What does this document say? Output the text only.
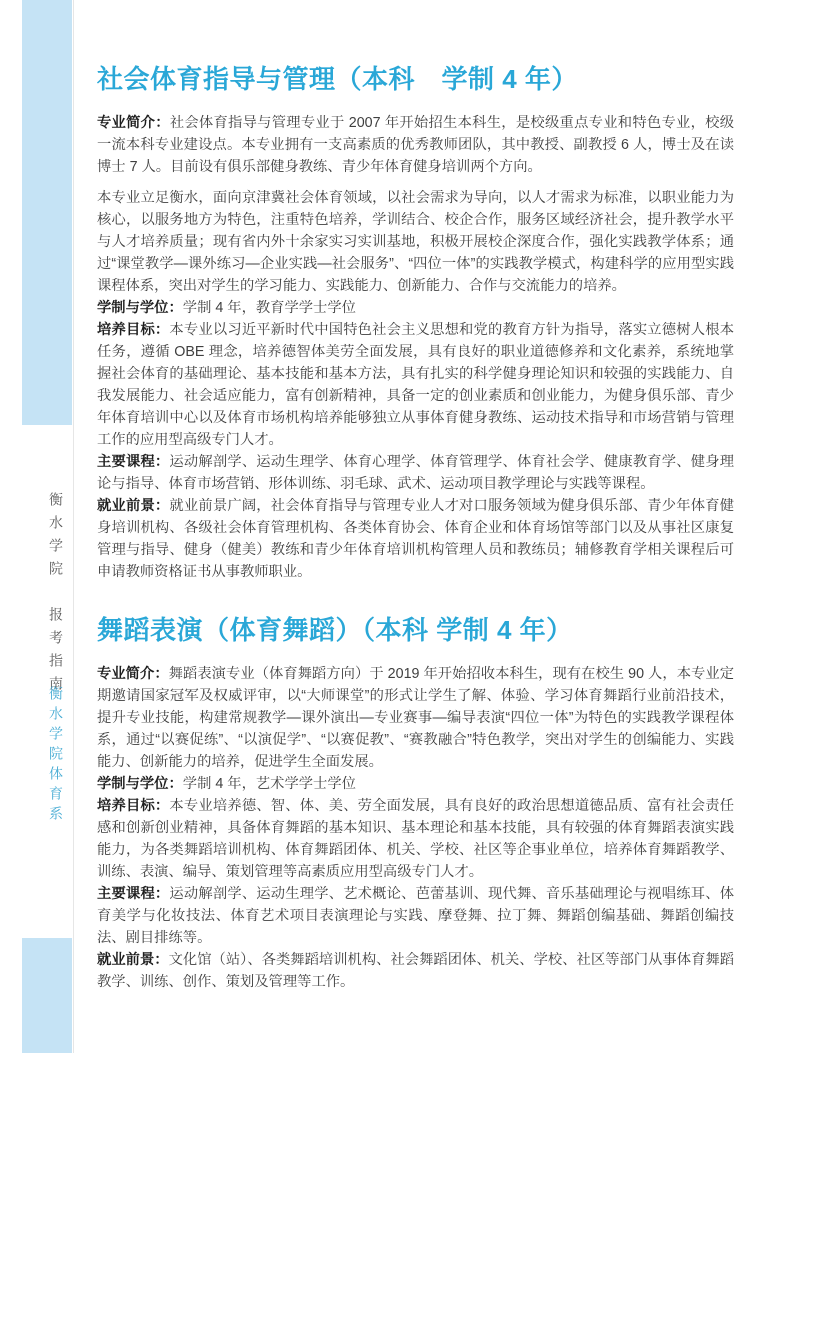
衡水学院　报考指南
衡水学院体育系
社会体育指导与管理（本科　学制 4 年）

专业简介：社会体育指导与管理专业于 2007 年开始招生本科生，是校级重点专业和特色专业，校级一流本科专业建设点。本专业拥有一支高素质的优秀教师团队，其中教授、副教授 6 人，博士及在读博士 7 人。目前设有俱乐部健身教练、青少年体育健身培训两个方向。

本专业立足衡水，面向京津冀社会体育领域，以社会需求为导向，以人才需求为标准，以职业能力为核心，以服务地方为特色，注重特色培养，学训结合、校企合作，服务区域经济社会，提升教学水平与人才培养质量；现有省内外十余家实习实训基地，积极开展校企深度合作，强化实践教学体系；通过“课堂教学—课外练习—企业实践—社会服务”、“四位一体”的实践教学模式，构建科学的应用型实践课程体系，突出对学生的学习能力、实践能力、创新能力、合作与交流能力的培养。

学制与学位：学制 4 年，教育学学士学位

培养目标：本专业以习近平新时代中国特色社会主义思想和党的教育方针为指导，落实立德树人根本任务，遵循 OBE 理念，培养德智体美劳全面发展，具有良好的职业道德修养和文化素养，系统地掌握社会体育的基础理论、基本技能和基本方法，具有扎实的科学健身理论知识和较强的实践能力、自我发展能力、社会适应能力，富有创新精神，具备一定的创业素质和创业能力，为健身俱乐部、青少年体育培训中心以及体育市场机构培养能够独立从事体育健身教练、运动技术指导和市场营销与管理工作的应用型高级专门人才。

主要课程：运动解剖学、运动生理学、体育心理学、体育管理学、体育社会学、健康教育学、健身理论与指导、体育市场营销、形体训练、羽毛球、武术、运动项目教学理论与实践等课程。

就业前景：就业前景广阔，社会体育指导与管理专业人才对口服务领域为健身俱乐部、青少年体育健身培训机构、各级社会体育管理机构、各类体育协会、体育企业和体育场馆等部门以及从事社区康复管理与指导、健身（健美）教练和青少年体育培训机构管理人员和教练员；辅修教育学相关课程后可申请教师资格证书从事教师职业。

舞蹈表演（体育舞蹈）（本科 学制 4 年）

专业简介：舞蹈表演专业（体育舞蹈方向）于 2019 年开始招收本科生，现有在校生 90 人，本专业定期邀请国家冠军及权威评审，以“大师课堂”的形式让学生了解、体验、学习体育舞蹈行业前沿技术，提升专业技能，构建常规教学—课外演出—专业赛事—编导表演“四位一体”为特色的实践教学课程体系，通过“以赛促练”、“以演促学”、“以赛促教”、“赛教融合”特色教学，突出对学生的创编能力、实践能力、创新能力的培养，促进学生全面发展。

学制与学位：学制 4 年，艺术学学士学位

培养目标：本专业培养德、智、体、美、劳全面发展，具有良好的政治思想道德品质、富有社会责任感和创新创业精神，具备体育舞蹈的基本知识、基本理论和基本技能，具有较强的体育舞蹈表演实践能力，为各类舞蹈培训机构、体育舞蹈团体、机关、学校、社区等企事业单位，培养体育舞蹈教学、训练、表演、编导、策划管理等高素质应用型高级专门人才。

主要课程：运动解剖学、运动生理学、艺术概论、芭蕾基训、现代舞、音乐基础理论与视唱练耳、体育美学与化妆技法、体育艺术项目表演理论与实践、摩登舞、拉丁舞、舞蹈创编基础、舞蹈创编技法、剧目排练等。

就业前景：文化馆（站）、各类舞蹈培训机构、社会舞蹈团体、机关、学校、社区等部门从事体育舞蹈教学、训练、创作、策划及管理等工作。
